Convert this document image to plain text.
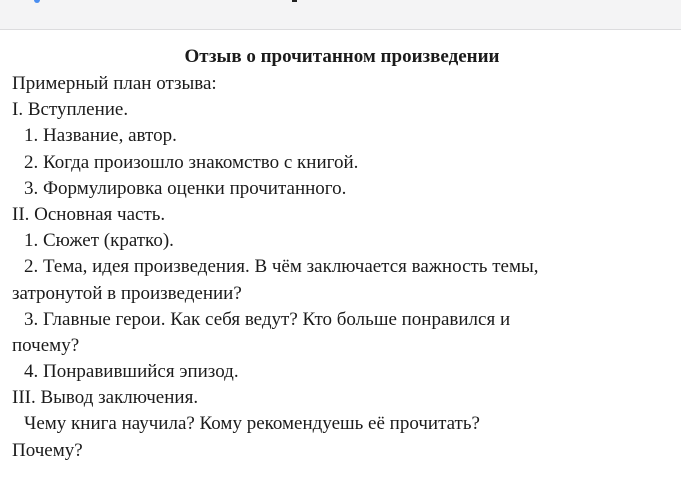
Отзыв о прочитанном произведении
Примерный план отзыва:
I. Вступление.
1. Название, автор.
2. Когда произошло знакомство с книгой.
3. Формулировка оценки прочитанного.
II. Основная часть.
1. Сюжет (кратко).
2. Тема, идея произведения. В чём заключается важность темы,
затронутой в произведении?
3. Главные герои. Как себя ведут? Кто больше понравился и
почему?
4. Понравившийся эпизод.
III. Вывод заключения.
Чему книга научила? Кому рекомендуешь её прочитать?
Почему?
